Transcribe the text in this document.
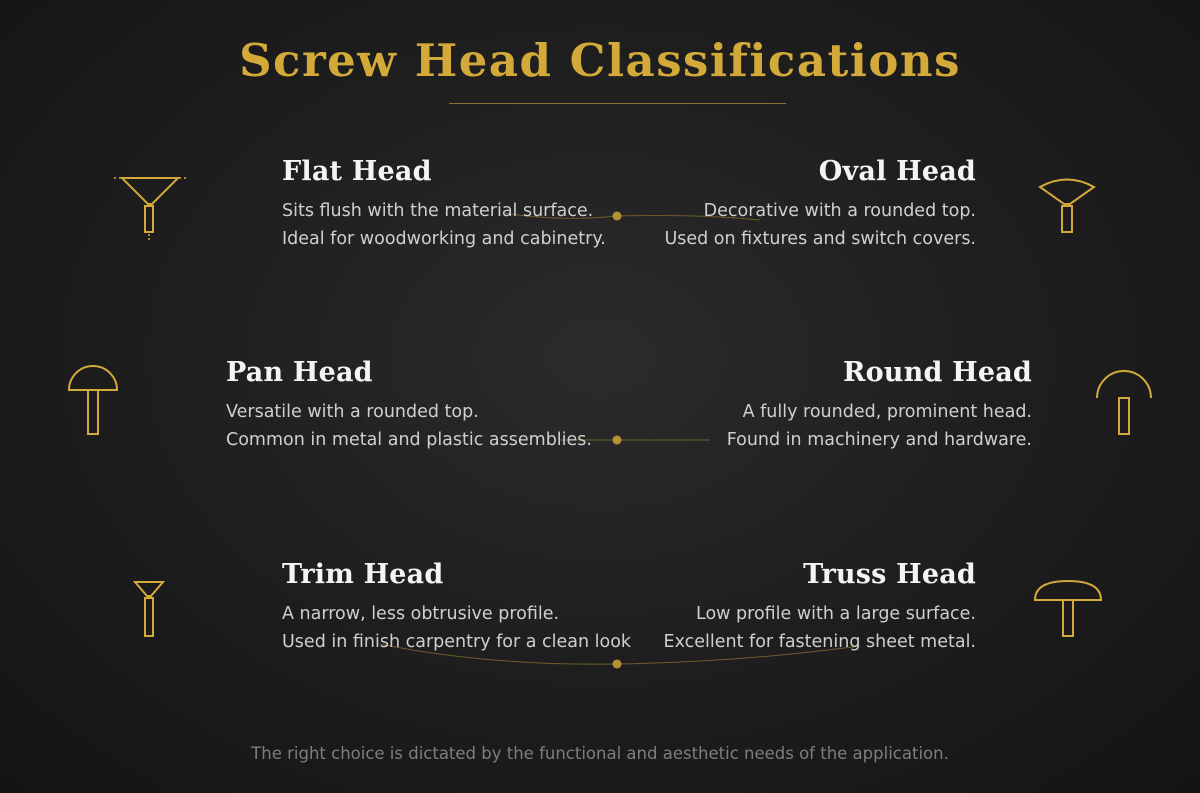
Screw Head Classifications
Flat Head

Sits flush with the material surface.

Ideal for woodworking and cabinetry.

Oval Head

Decorative with a rounded top.

Used on fixtures and switch covers.

Pan Head

Versatile with a rounded top.

Common in metal and plastic assemblies.

Round Head

A fully rounded, prominent head.

Found in machinery and hardware.

Trim Head

A narrow, less obtrusive profile.

Used in finish carpentry for a clean look

Truss Head

Low profile with a large surface.

Excellent for fastening sheet metal.

The right choice is dictated by the functional and aesthetic needs of the application.
